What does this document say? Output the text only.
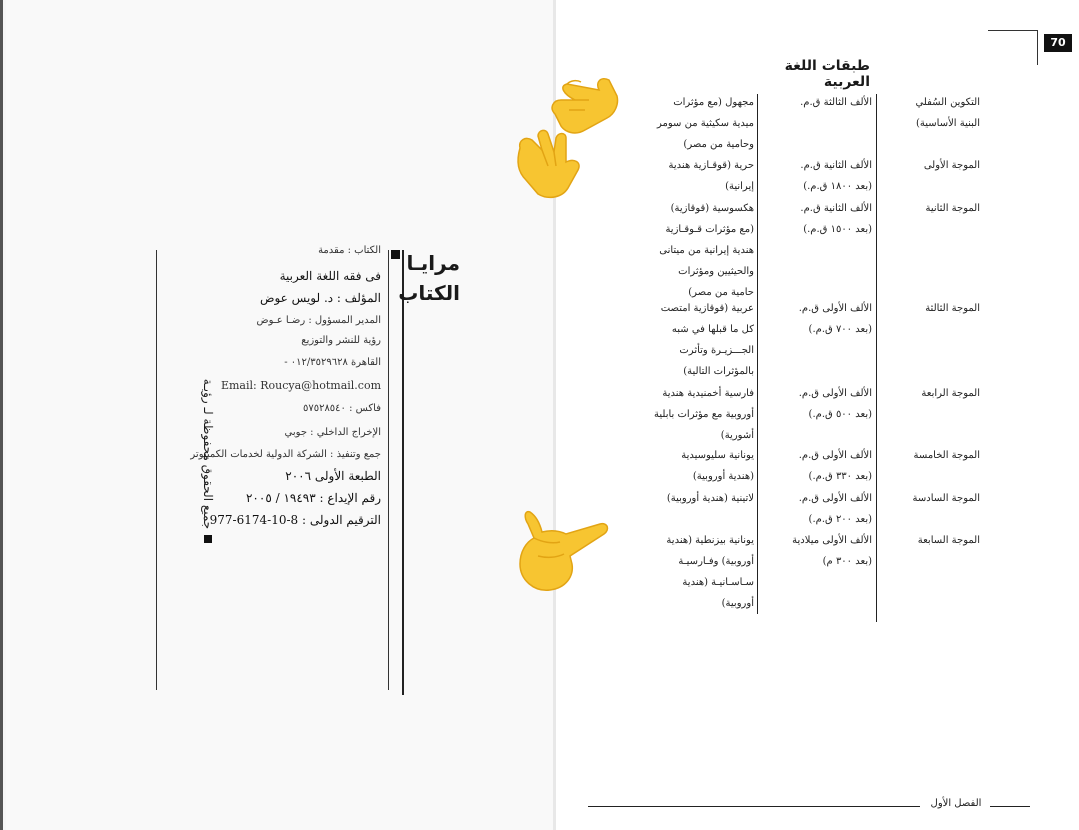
مرايـا الكتاب
الكتاب : مقدمة
فى فقه اللغة العربية
المؤلف : د. لويس عوض
المدير المسؤول : رضـا عـوض
رؤية للنشر والتوزيع
القاهرة ٠١٢/٣٥٢٩٦٢٨ -
Email: Roucya@hotmail.com
فاكس : ٥٧٥٢٨٥٤٠
الإخراج الداخلي : جوبي
جمع وتنفيذ : الشركة الدولية لخدمات الكمبيوتر
الطبعة الأولى ٢٠٠٦
رقم الإيداع : ١٩٤٩٣ / ٢٠٠٥
الترقيم الدولى : 8-10-6174-977
جميع الحقوق محفوظة لـ رؤيـة
70
طبقات اللغة العربية
التكوين السُفلي
البنية الأساسية)
الألف الثالثة ق.م.
مجهول (مع مؤثرات
ميدية سكيثية من سومر
وحامية من مصر)
الموجة الأولى
الألف الثانية ق.م.
(بعد ١٨٠٠ ق.م.)
حرية (قوقـازية هندية
إيرانية)
الموجة الثانية
الألف الثانية ق.م.
(بعد ١٥٠٠ ق.م.)
هكسوسية (قوقازية)
(مع مؤثرات قـوقـازية
هندية إيرانية من ميتانى
والحيثيين ومؤثرات
حامية من مصر)
الموجة الثالثة
الألف الأولى ق.م.
(بعد ٧٠٠ ق.م.)
عربية (قوقازية امتصت
كل ما قبلها في شبه
الجـــزيـرة وتأثرت
بالمؤثرات التالية)
الموجة الرابعة
الألف الأولى ق.م.
(بعد ٥٠٠ ق.م.)
فارسية أخمنيدية هندية
أوروبية مع مؤثرات بابلية
أشورية)
الموجة الخامسة
الألف الأولى ق.م.
(بعد ٣٣٠ ق.م.)
يونانية سليوسيدية
(هندية أوروبية)
الموجة السادسة
الألف الأولى ق.م.
(بعد ٢٠٠ ق.م.)
لاتينية (هندية أوروبية)
الموجة السابعة
الألف الأولى ميلادية
(بعد ٣٠٠ م)
يونانية بيزنطية (هندية
أوروبية) وفـارسيـة
سـاسـانيـة (هندية
أوروبية)
الفصل الأول
